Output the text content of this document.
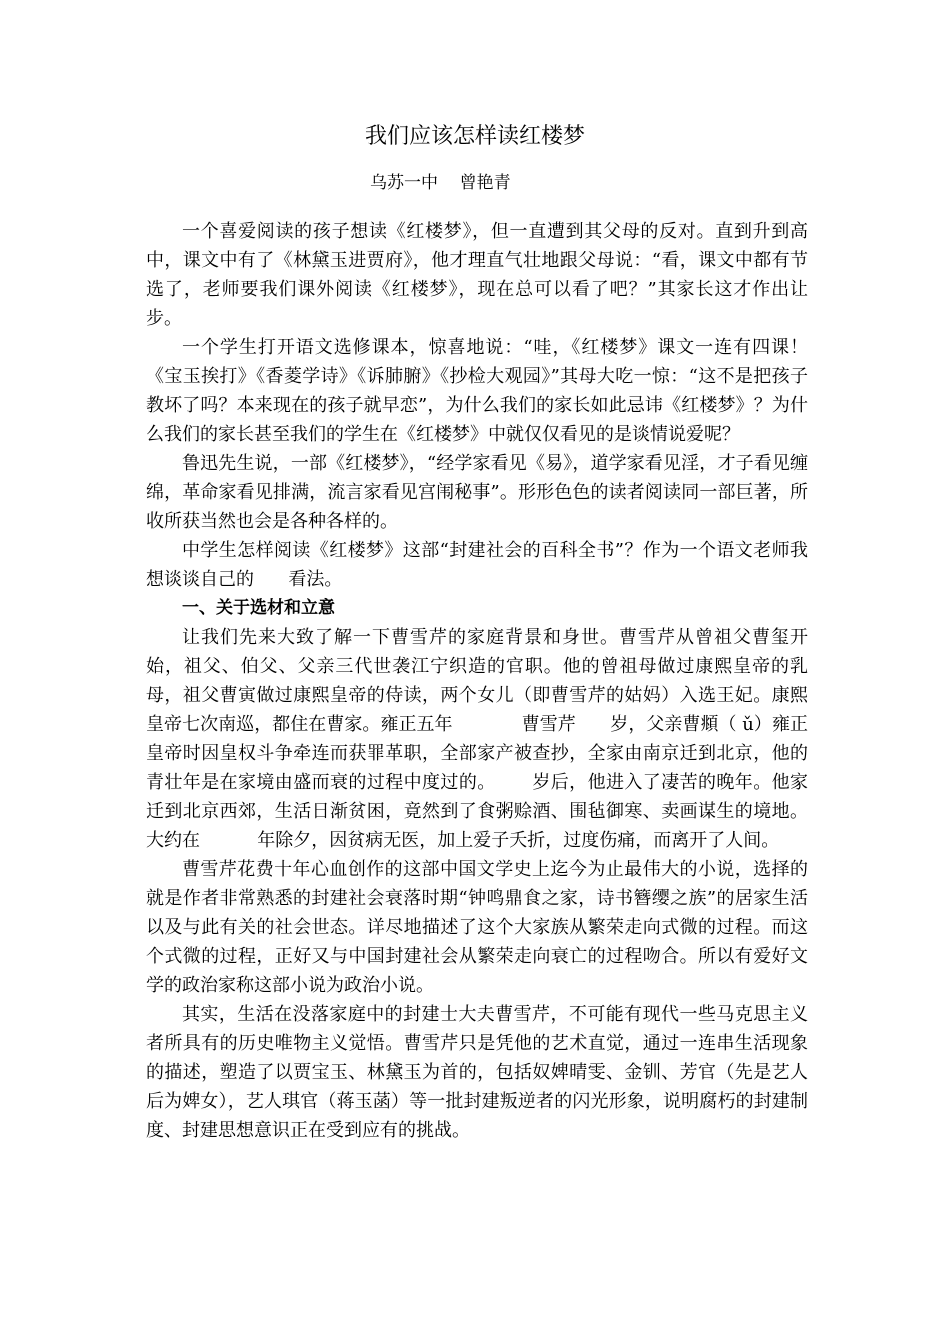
我们应该怎样读红楼梦
乌苏一中    曾艳青

一个喜爱阅读的孩子想读《红楼梦》，但一直遭到其父母的反对。直到升到高中，课文中有了《林黛玉进贾府》，他才理直气壮地跟父母说：“看，课文中都有节选了，老师要我们课外阅读《红楼梦》，现在总可以看了吧？”其家长这才作出让步。

一个学生打开语文选修课本，惊喜地说：“哇，《红楼梦》课文一连有四课！《宝玉挨打》《香菱学诗》《诉肺腑》《抄检大观园》”其母大吃一惊：“这不是把孩子教坏了吗？本来现在的孩子就早恋”，为什么我们的家长如此忌讳《红楼梦》？为什么我们的家长甚至我们的学生在《红楼梦》中就仅仅看见的是谈情说爱呢？

鲁迅先生说，一部《红楼梦》，“经学家看见《易》，道学家看见淫，才子看见缠绵，革命家看见排满，流言家看见宫闱秘事”。形形色色的读者阅读同一部巨著，所收所获当然也会是各种各样的。

中学生怎样阅读《红楼梦》这部“封建社会的百科全书”？作为一个语文老师我想谈谈自己的      看法。

一、关于选材和立意

让我们先来大致了解一下曹雪芹的家庭背景和身世。曹雪芹从曾祖父曹玺开始，祖父、伯父、父亲三代世袭江宁织造的官职。他的曾祖母做过康熙皇帝的乳母，祖父曹寅做过康熙皇帝的侍读，两个女儿（即曹雪芹的姑妈）入选王妃。康熙皇帝七次南巡，都住在曹家。雍正五年            曹雪芹      岁，父亲曹頫（ ǔ）雍正皇帝时因皇权斗争牵连而获罪革职，全部家产被查抄，全家由南京迁到北京，他的青壮年是在家境由盛而衰的过程中度过的。      岁后，他进入了凄苦的晚年。他家迁到北京西郊，生活日渐贫困，竟然到了食粥赊酒、围毡御寒、卖画谋生的境地。大约在          年除夕，因贫病无医，加上爱子夭折，过度伤痛，而离开了人间。

曹雪芹花费十年心血创作的这部中国文学史上迄今为止最伟大的小说，选择的就是作者非常熟悉的封建社会衰落时期“钟鸣鼎食之家，诗书簪缨之族”的居家生活以及与此有关的社会世态。详尽地描述了这个大家族从繁荣走向式微的过程。而这个式微的过程，正好又与中国封建社会从繁荣走向衰亡的过程吻合。所以有爱好文学的政治家称这部小说为政治小说。

其实，生活在没落家庭中的封建士大夫曹雪芹，不可能有现代一些马克思主义者所具有的历史唯物主义觉悟。曹雪芹只是凭他的艺术直觉，通过一连串生活现象的描述，塑造了以贾宝玉、林黛玉为首的，包括奴婢晴雯、金钏、芳官（先是艺人后为婢女），艺人琪官（蒋玉菡）等一批封建叛逆者的闪光形象，说明腐朽的封建制度、封建思想意识正在受到应有的挑战。
